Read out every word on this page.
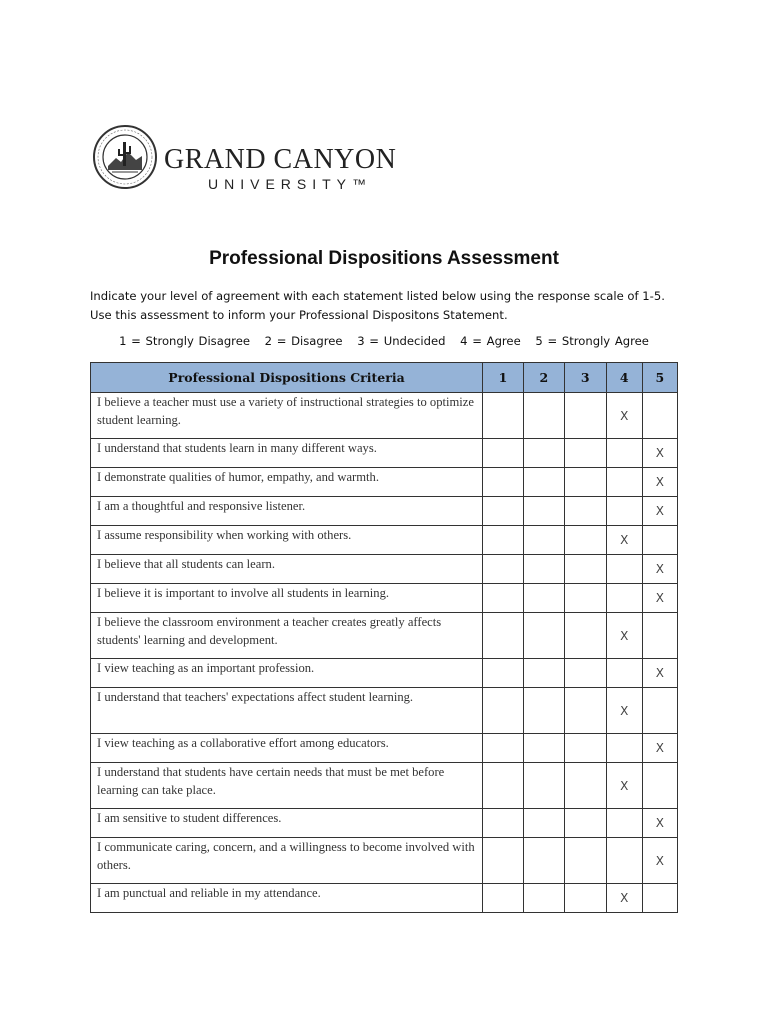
GRAND CANYON
UNIVERSITY™
Professional Dispositions Assessment
Indicate your level of agreement with each statement listed below using the response scale of 1-5. Use this assessment to inform your Professional Dispositons Statement.
1 = Strongly Disagree 2 = Disagree 3 = Undecided 4 = Agree 5 = Strongly Agree
Professional Dispositions Criteria	1	2	3	4	5
I believe a teacher must use a variety of instructional strategies to optimize student learning.				X	
I understand that students learn in many different ways.					X
I demonstrate qualities of humor, empathy, and warmth.					X
I am a thoughtful and responsive listener.					X
I assume responsibility when working with others.				X	
I believe that all students can learn.					X
I believe it is important to involve all students in learning.					X
I believe the classroom environment a teacher creates greatly affects students' learning and development.				X	
I view teaching as an important profession.					X
I understand that teachers' expectations affect student learning.				X	
I view teaching as a collaborative effort among educators.					X
I understand that students have certain needs that must be met before learning can take place.				X	
I am sensitive to student differences.					X
I communicate caring, concern, and a willingness to become involved with others.					X
I am punctual and reliable in my attendance.				X	
